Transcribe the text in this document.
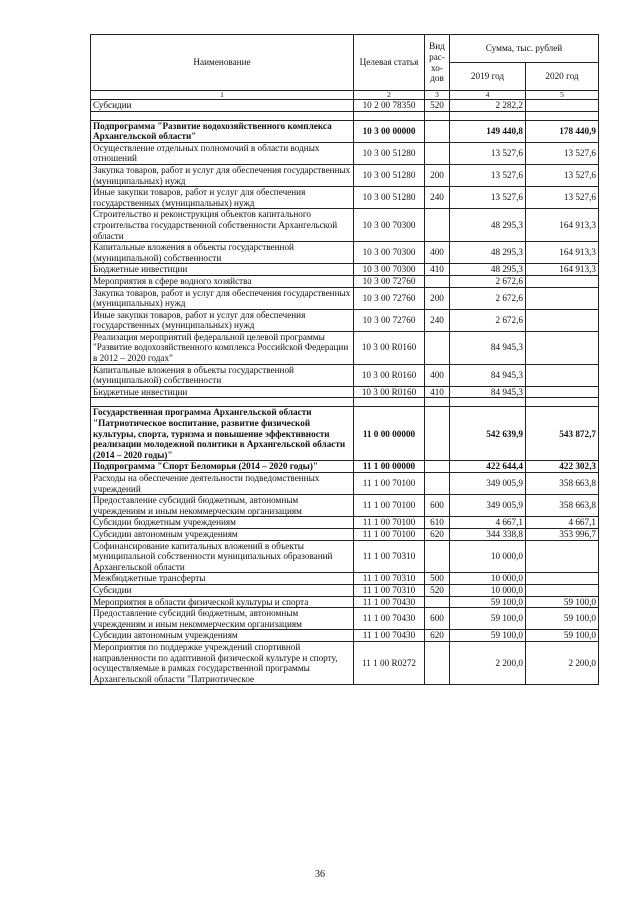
Наименование	Целевая статья	Вид рас-хо-дов	Сумма, тыс. рублей	
			2019 год	2020 год
1	2	3	4	5
Субсидии	10 2 00 78350	520	2 282,2	

Подпрограмма "Развитие водохозяйственного комплекса Архангельской области"	10 3 00 00000		149 440,8	178 440,9
Осуществление отдельных полномочий в области водных отношений	10 3 00 51280		13 527,6	13 527,6
Закупка товаров, работ и услуг для обеспечения государственных (муниципальных) нужд	10 3 00 51280	200	13 527,6	13 527,6
Иные закупки товаров, работ и услуг для обеспечения государственных (муниципальных) нужд	10 3 00 51280	240	13 527,6	13 527,6
Строительство и реконструкция объектов капитального строительства государственной собственности Архангельской области	10 3 00 70300		48 295,3	164 913,3
Капитальные вложения в объекты государственной (муниципальной) собственности	10 3 00 70300	400	48 295,3	164 913,3
Бюджетные инвестиции	10 3 00 70300	410	48 295,3	164 913,3
Мероприятия в сфере водного хозяйства	10 3 00 72760		2 672,6	
Закупка товаров, работ и услуг для обеспечения государственных (муниципальных) нужд	10 3 00 72760	200	2 672,6	
Иные закупки товаров, работ и услуг для обеспечения государственных (муниципальных) нужд	10 3 00 72760	240	2 672,6	
Реализация мероприятий федеральной целевой программы "Развитие водохозяйственного комплекса Российской Федерации в 2012 – 2020 годах"	10 3 00 R0160		84 945,3	
Капитальные вложения в объекты государственной (муниципальной) собственности	10 3 00 R0160	400	84 945,3	
Бюджетные инвестиции	10 3 00 R0160	410	84 945,3	

Государственная программа Архангельской области "Патриотическое воспитание, развитие физической культуры, спорта, туризма и повышение эффективности реализации молодежной политики в Архангельской области (2014 – 2020 годы)"	11 0 00 00000		542 639,9	543 872,7
Подпрограмма "Спорт Беломорья (2014 – 2020 годы)"	11 1 00 00000		422 644,4	422 302,3
Расходы на обеспечение деятельности подведомственных учреждений	11 1 00 70100		349 005,9	358 663,8
Предоставление субсидий бюджетным, автономным учреждениям и иным некоммерческим организациям	11 1 00 70100	600	349 005,9	358 663,8
Субсидии бюджетным учреждениям	11 1 00 70100	610	4 667,1	4 667,1
Субсидии автономным учреждениям	11 1 00 70100	620	344 338,8	353 996,7
Софинансирование капитальных вложений в объекты муниципальной собственности муниципальных образований Архангельской области	11 1 00 70310		10 000,0	
Межбюджетные трансферты	11 1 00 70310	500	10 000,0	
Субсидии	11 1 00 70310	520	10 000,0	
Мероприятия в области физической культуры и спорта	11 1 00 70430		59 100,0	59 100,0
Предоставление субсидий бюджетным, автономным учреждениям и иным некоммерческим организациям	11 1 00 70430	600	59 100,0	59 100,0
Субсидии автономным учреждениям	11 1 00 70430	620	59 100,0	59 100,0
Мероприятия по поддержке учреждений спортивной направленности по адаптивной физической культуре и спорту, осуществляемые в рамках государственной программы Архангельской области "Патриотическое	11 1 00 R0272		2 200,0	2 200,0
36
